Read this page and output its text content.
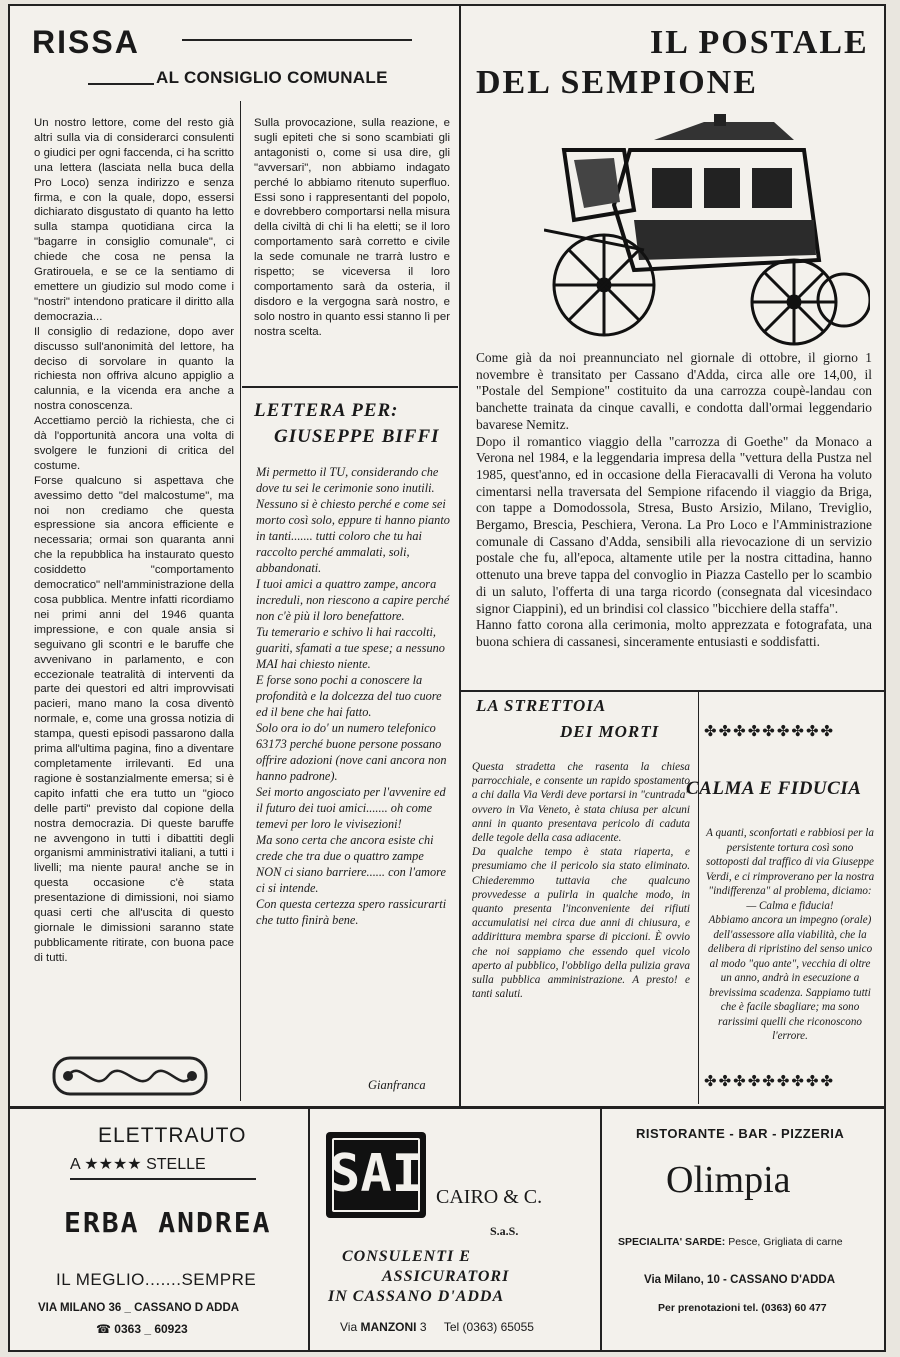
RISSA
AL CONSIGLIO COMUNALE

Un nostro lettore, come del resto già altri sulla via di considerarci consulenti o giudici per ogni faccenda, ci ha scritto una lettera (lasciata nella buca della Pro Loco) senza indirizzo e senza firma, e con la quale, dopo, essersi dichiarato disgustato di quanto ha letto sulla stampa quotidiana circa la "bagarre in consiglio comunale", ci chiede che cosa ne pensa la Gratirouela, e se ce la sentiamo di emettere un giudizio sul modo come i "nostri" intendono praticare il diritto alla democrazia...

Il consiglio di redazione, dopo aver discusso sull'anonimità del lettore, ha deciso di sorvolare in quanto la richiesta non offriva alcuno appiglio a calunnia, e la vicenda era anche a nostra conoscenza.

Accettiamo perciò la richiesta, che ci dà l'opportunità ancora una volta di svolgere le funzioni di critica del costume.

Forse qualcuno si aspettava che avessimo detto "del malcostume", ma noi non crediamo che questa espressione sia ancora efficiente e necessaria; ormai son quaranta anni che la repubblica ha instaurato questo cosiddetto "comportamento democratico" nell'amministrazione della cosa pubblica. Mentre infatti ricordiamo nei primi anni del 1946 quanta impressione, e con quale ansia si seguivano gli scontri e le baruffe che avvenivano in parlamento, e con eccezionale teatralità di interventi da parte dei questori ed altri improvvisati pacieri, mano mano la cosa diventò normale, e, come una grossa notizia di stampa, questi episodi passarono dalla prima all'ultima pagina, fino a diventare completamente irrilevanti. Ed una ragione è sostanzialmente emersa; si è capito infatti che era tutto un "gioco delle parti" previsto dal copione della nostra democrazia. Di queste baruffe ne avvengono in tutti i dibattiti degli organismi amministrativi italiani, a tutti i livelli; ma niente paura! anche se in questa occasione c'è stata presentazione di dimissioni, noi siamo quasi certi che all'uscita di questo giornale le dimissioni saranno state pubblicamente ritirate, con buona pace di tutti.

Sulla provocazione, sulla reazione, e sugli epiteti che si sono scambiati gli antagonisti o, come si usa dire, gli "avversari", non abbiamo indagato perché lo abbiamo ritenuto superfluo. Essi sono i rappresentanti del popolo, e dovrebbero comportarsi nella misura della civiltà di chi li ha eletti; se il loro comportamento sarà corretto e civile la sede comunale ne trarrà lustro e rispetto; se viceversa il loro comportamento sarà da osteria, il disdoro e la vergogna sarà nostro, e solo nostro in quanto essi stanno lì per nostra scelta.

LETTERA PER:
GIUSEPPE BIFFI
Mi permetto il TU, considerando che dove tu sei le cerimonie sono inutili.
Nessuno si è chiesto perché e come sei morto così solo, eppure ti hanno pianto in tanti....... tutti coloro che tu hai raccolto perché ammalati, soli, abbandonati.
I tuoi amici a quattro zampe, ancora increduli, non riescono a capire perché non c'è più il loro benefattore.
Tu temerario e schivo li hai raccolti, guariti, sfamati a tue spese; a nessuno MAI hai chiesto niente.
E forse sono pochi a conoscere la profondità e la dolcezza del tuo cuore ed il bene che hai fatto.
Solo ora io do' un numero telefonico 63173 perché buone persone possano offrire adozioni (nove cani ancora non hanno padrone).
Sei morto angosciato per l'avvenire ed il futuro dei tuoi amici....... oh come temevi per loro le vivisezioni!
Ma sono certa che ancora esiste chi crede che tra due o quattro zampe NON ci siano barriere...... con l'amore ci si intende.
Con questa certezza spero rassicurarti che tutto finirà bene.
Gianfranca
IL POSTALE
DEL SEMPIONE
Come già da noi preannunciato nel giornale di ottobre, il giorno 1 novembre è transitato per Cassano d'Adda, circa alle ore 14,00, il "Postale del Sempione" costituito da una carrozza coupè-landau con banchette trainata da cinque cavalli, e condotta dall'ormai leggendario bavarese Nemitz.
Dopo il romantico viaggio della "carrozza di Goethe" da Monaco a Verona nel 1984, e la leggendaria impresa della "vettura della Pustza nel 1985, quest'anno, ed in occasione della Fieracavalli di Verona ha voluto cimentarsi nella traversata del Sempione rifacendo il viaggio da Briga, con tappe a Domodossola, Stresa, Busto Arsizio, Milano, Treviglio, Bergamo, Brescia, Peschiera, Verona. La Pro Loco e l'Amministrazione comunale di Cassano d'Adda, sensibili alla rievocazione di un servizio postale che fu, all'epoca, altamente utile per la nostra cittadina, hanno ottenuto una breve tappa del convoglio in Piazza Castello per lo scambio di un saluto, l'offerta di una targa ricordo (consegnata dal vicesindaco signor Ciappini), ed un brindisi col classico "bicchiere della staffa".
Hanno fatto corona alla cerimonia, molto apprezzata e fotografata, una buona schiera di cassanesi, sinceramente entusiasti e soddisfatti.
LA STRETTOIA
DEI MORTI
Questa stradetta che rasenta la chiesa parrocchiale, e consente un rapido spostamento a chi dalla Via Verdi deve portarsi in "cuntrada" ovvero in Via Veneto, è stata chiusa per alcuni anni in quanto presentava pericolo di caduta delle tegole della casa adiacente.
Da qualche tempo è stata riaperta, e presumiamo che il pericolo sia stato eliminato. Chiederemmo tuttavia che qualcuno provvedesse a pulirla in qualche modo, in quanto presenta l'inconveniente dei rifiuti accumulatisi nei circa due anni di chiusura, e addirittura membra sparse di piccioni. È ovvio che noi sappiamo che essendo quel vicolo aperto al pubblico, l'obbligo della pulizia grava sulla pubblica amministrazione. A presto! e tanti saluti.
✤✤✤✤✤✤✤✤✤
CALMA E FIDUCIA
A quanti, sconfortati e rabbiosi per la persistente tortura così sono sottoposti dal traffico di via Giuseppe Verdi, e ci rimproverano per la nostra "indifferenza" al problema, diciamo: — Calma e fiducia!
Abbiamo ancora un impegno (orale) dell'assessore alla viabilità, che la delibera di ripristino del senso unico al modo "quo ante", vecchia di oltre un anno, andrà in esecuzione a brevissima scadenza. Sappiamo tutti che è facile sbagliare; ma sono rarissimi quelli che riconoscono l'errore.
✤✤✤✤✤✤✤✤✤
ELETTRAUTO
A ★★★★ STELLE
ERBA ANDREA
IL MEGLIO.......SEMPRE
VIA MILANO 36 _ CASSANO D ADDA
☎ 0363 _ 60923
SAI CAIRO & C.
S.a.S.
CONSULENTI E
ASSICURATORI
IN CASSANO D'ADDA
Via MANZONI 3 Tel (0363) 65055
RISTORANTE - BAR - PIZZERIA
Olimpia
SPECIALITA' SARDE: Pesce, Grigliata di carne
Via Milano, 10 - CASSANO D'ADDA
Per prenotazioni tel. (0363) 60 477
